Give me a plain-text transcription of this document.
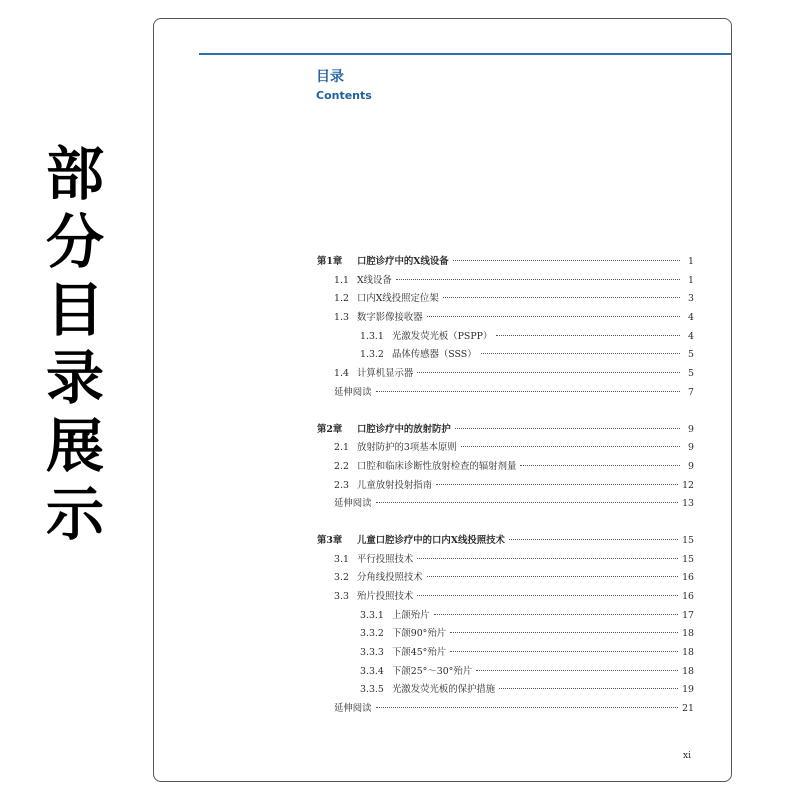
部分目录展示
目录
Contents
第1章	口腔诊疗中的X线设备	1
1.1 X线设备	1
1.2 口内X线投照定位架	3
1.3 数字影像接收器	4
1.3.1 光激发荧光板（PSPP）	4
1.3.2 晶体传感器（SSS）	5
1.4 计算机显示器	5
延伸阅读	7
第2章	口腔诊疗中的放射防护	9
2.1 放射防护的3项基本原则	9
2.2 口腔和临床诊断性放射检查的辐射剂量	9
2.3 儿童放射投射指南	12
延伸阅读	13
第3章	儿童口腔诊疗中的口内X线投照技术	15
3.1 平行投照技术	15
3.2 分角线投照技术	16
3.3 殆片投照技术	16
3.3.1 上颌殆片	17
3.3.2 下颌90°殆片	18
3.3.3 下颌45°殆片	18
3.3.4 下颌25°～30°殆片	18
3.3.5 光激发荧光板的保护措施	19
延伸阅读	21
xi
